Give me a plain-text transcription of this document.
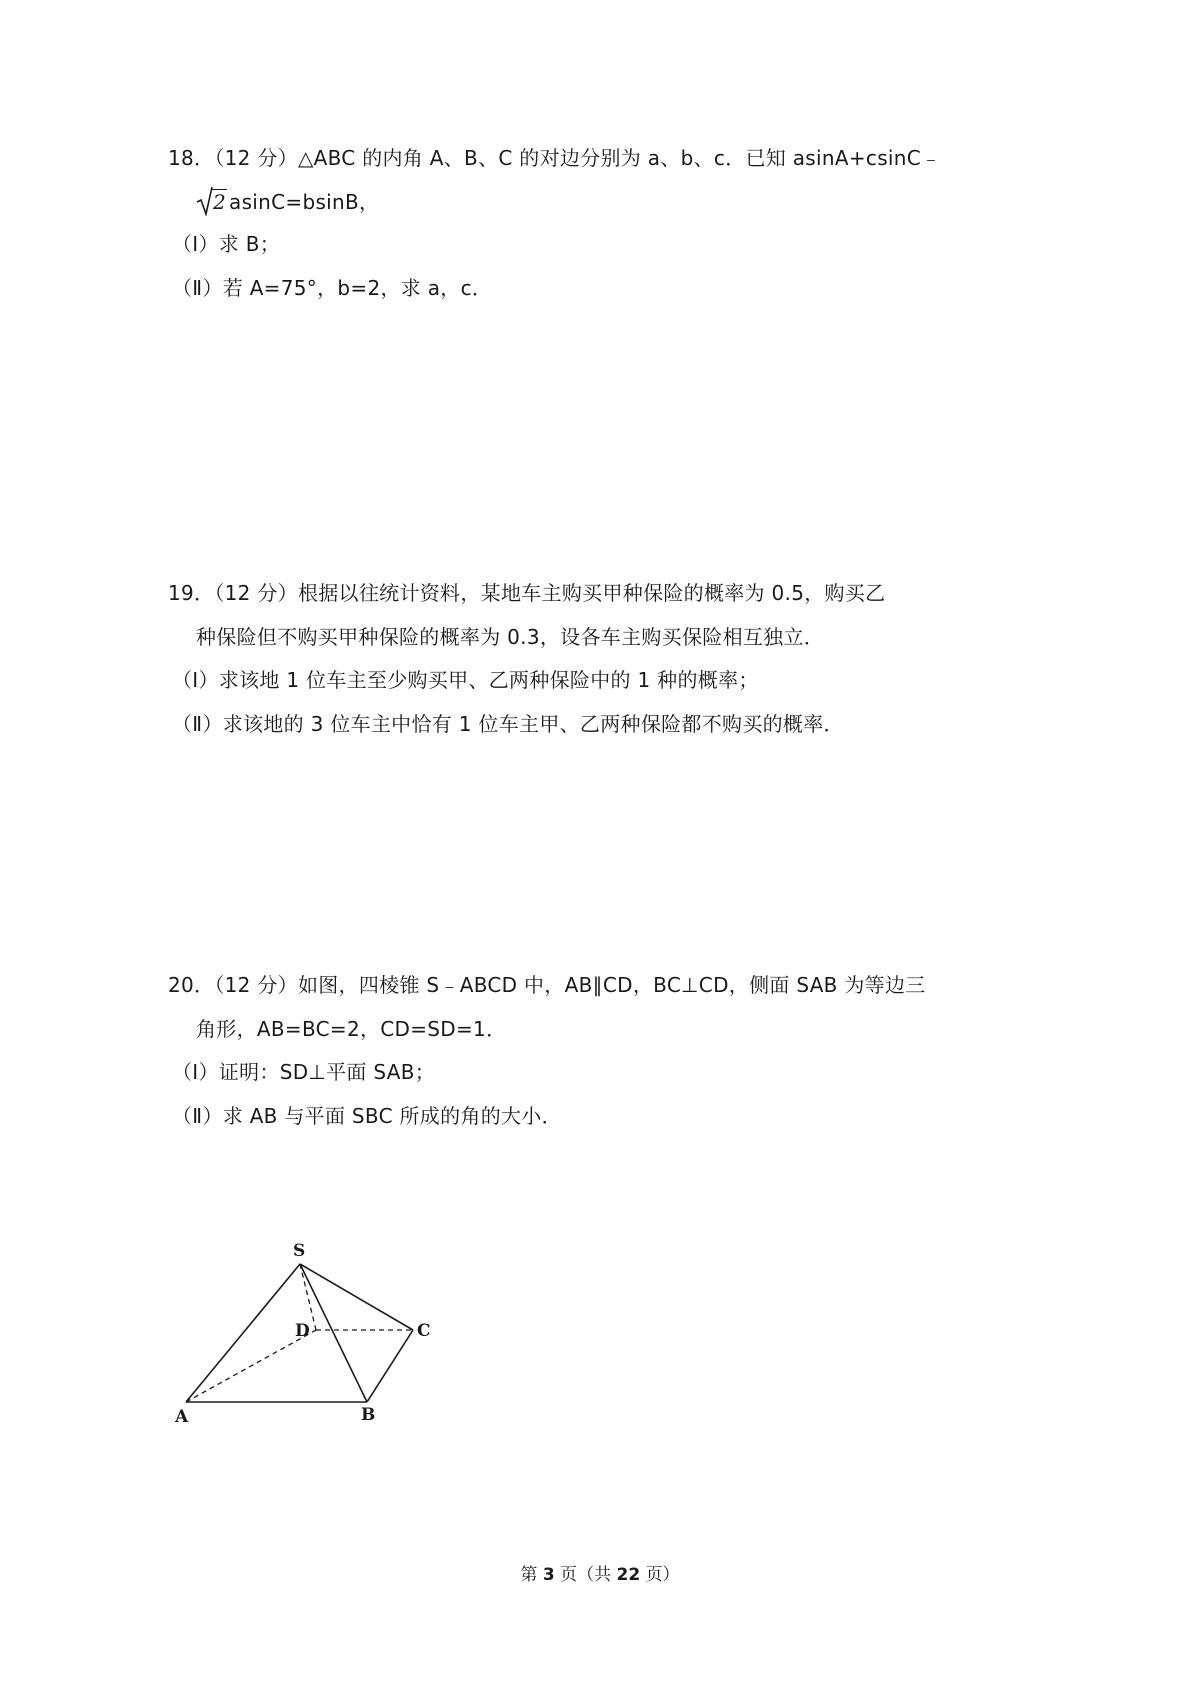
18．（12 分）△ABC 的内角 A、B、C 的对边分别为 a、b、c．已知 asinA+csinC﹣
2 asinC=bsinB，
（Ⅰ）求 B；
（Ⅱ）若 A=75°，b=2，求 a，c．
19．（12 分）根据以往统计资料，某地车主购买甲种保险的概率为 0.5，购买乙
种保险但不购买甲种保险的概率为 0.3，设各车主购买保险相互独立．
（Ⅰ）求该地 1 位车主至少购买甲、乙两种保险中的 1 种的概率；
（Ⅱ）求该地的 3 位车主中恰有 1 位车主甲、乙两种保险都不购买的概率．
20．（12 分）如图，四棱锥 S﹣ABCD 中，AB∥CD，BC⊥CD，侧面 SAB 为等边三
角形，AB=BC=2，CD=SD=1．
（Ⅰ）证明：SD⊥平面 SAB；
（Ⅱ）求 AB 与平面 SBC 所成的角的大小．
S
D	C
A	B
第 3 页（共 22 页）
